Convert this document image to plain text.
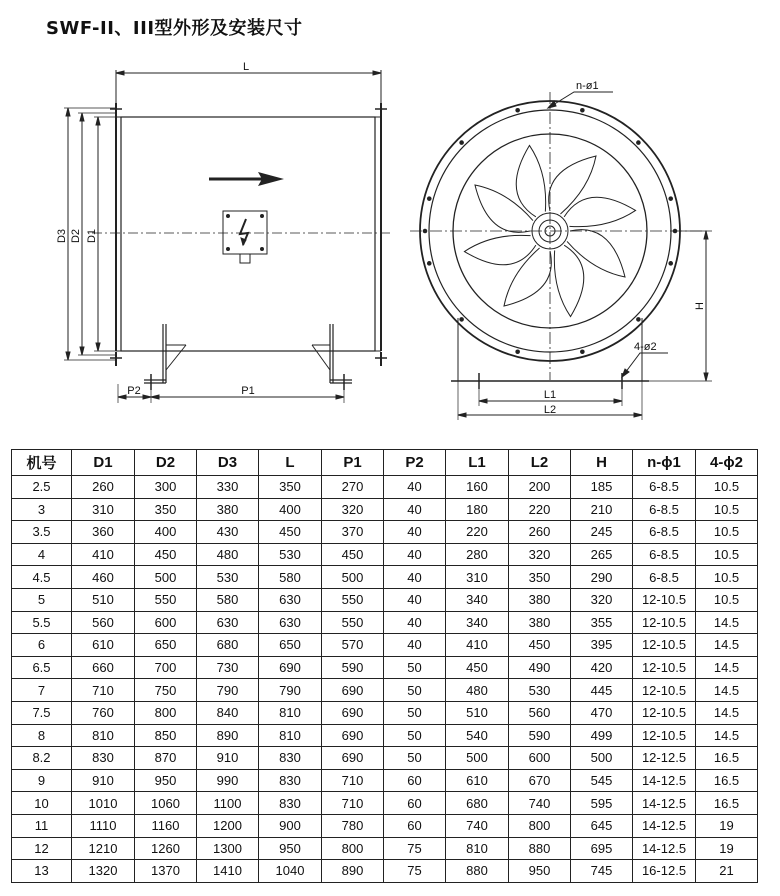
SWF-II、III型外形及安装尺寸
L
D3 D2 D1
P2	P1
n-ø1
4-ø2
H
L1
L2
机号	D1	D2	D3	L	P1	P2	L1	L2	H	n-ϕ1	4-ϕ2
2.5	260	300	330	350	270	40	160	200	185	6-8.5	10.5
3	310	350	380	400	320	40	180	220	210	6-8.5	10.5
3.5	360	400	430	450	370	40	220	260	245	6-8.5	10.5
4	410	450	480	530	450	40	280	320	265	6-8.5	10.5
4.5	460	500	530	580	500	40	310	350	290	6-8.5	10.5
5	510	550	580	630	550	40	340	380	320	12-10.5	10.5
5.5	560	600	630	630	550	40	340	380	355	12-10.5	14.5
6	610	650	680	650	570	40	410	450	395	12-10.5	14.5
6.5	660	700	730	690	590	50	450	490	420	12-10.5	14.5
7	710	750	790	790	690	50	480	530	445	12-10.5	14.5
7.5	760	800	840	810	690	50	510	560	470	12-10.5	14.5
8	810	850	890	810	690	50	540	590	499	12-10.5	14.5
8.2	830	870	910	830	690	50	500	600	500	12-12.5	16.5
9	910	950	990	830	710	60	610	670	545	14-12.5	16.5
10	1010	1060	1100	830	710	60	680	740	595	14-12.5	16.5
11	1110	1160	1200	900	780	60	740	800	645	14-12.5	19
12	1210	1260	1300	950	800	75	810	880	695	14-12.5	19
13	1320	1370	1410	1040	890	75	880	950	745	16-12.5	21
